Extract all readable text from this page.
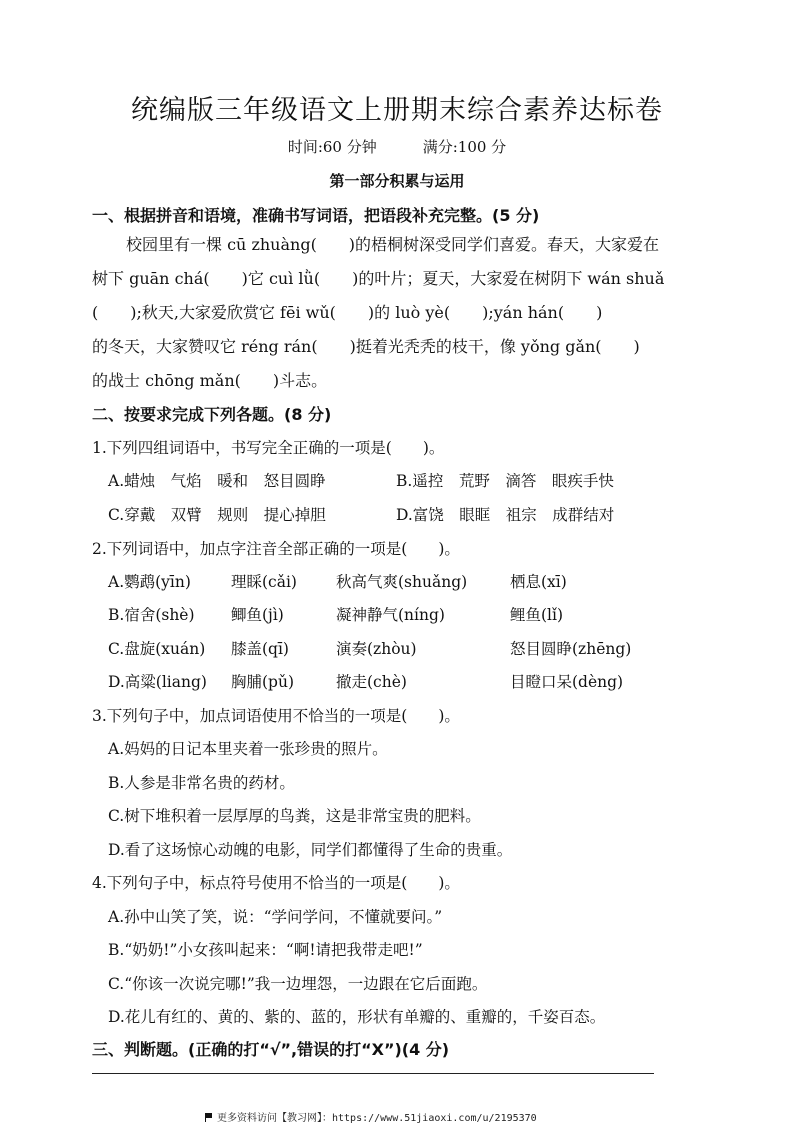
统编版三年级语文上册期末综合素养达标卷
时间:60 分钟	满分:100 分
第一部分积累与运用
一、根据拼音和语境，准确书写词语，把语段补充完整。(5 分)

校园里有一棵 cū zhuàng(　　)的梧桐树深受同学们喜爱。春天，大家爱在

树下 guān chá(　　)它 cuì lǜ(　　)的叶片；夏天，大家爱在树阴下 wán shuǎ

(　　);秋天,大家爱欣赏它 fēi wǔ(　　)的 luò yè(　　);yán hán(　　)

的冬天，大家赞叹它 réng rán(　　)挺着光秃秃的枝干，像 yǒng gǎn(　　)

的战士 chōng mǎn(　　)斗志。

二、按要求完成下列各题。(8 分)
1.下列四组词语中，书写完全正确的一项是(　　)。
A.蜡烛　气焰　暖和　怒目圆睁	B.遥控　荒野　滴答　眼疾手快
C.穿戴　双臂　规则　提心掉胆	D.富饶　眼眶　祖宗　成群结对
2.下列词语中，加点字注音全部正确的一项是(　　)。
A.鹦鹉(yīn)	理睬(cǎi)	秋高气爽(shuǎng)	栖息(xī)
B.宿舍(shè) 鲫鱼(jì)	凝神静气(níng)	鲤鱼(lǐ)
C.盘旋(xuán) 膝盖(qī)	演奏(zhòu)	怒目圆睁(zhēng)
D.高粱(liang) 胸脯(pǔ)	撤走(chè)	目瞪口呆(dèng)
3.下列句子中，加点词语使用不恰当的一项是(　　)。
A.妈妈的日记本里夹着一张珍贵的照片。
B.人参是非常名贵的药材。
C.树下堆积着一层厚厚的鸟粪，这是非常宝贵的肥料。
D.看了这场惊心动魄的电影，同学们都懂得了生命的贵重。
4.下列句子中，标点符号使用不恰当的一项是(　　)。
A.孙中山笑了笑，说：“学问学问，不懂就要问。”
B.“奶奶!”小女孩叫起来：“啊!请把我带走吧!”
C.“你该一次说完哪!”我一边埋怨，一边跟在它后面跑。
D.花儿有红的、黄的、紫的、蓝的，形状有单瓣的、重瓣的，千姿百态。
三、判断题。(正确的打“√”,错误的打“X”)(4 分)
更多资料访问【教习网】：https://www.51jiaoxi.com/u/2195370
